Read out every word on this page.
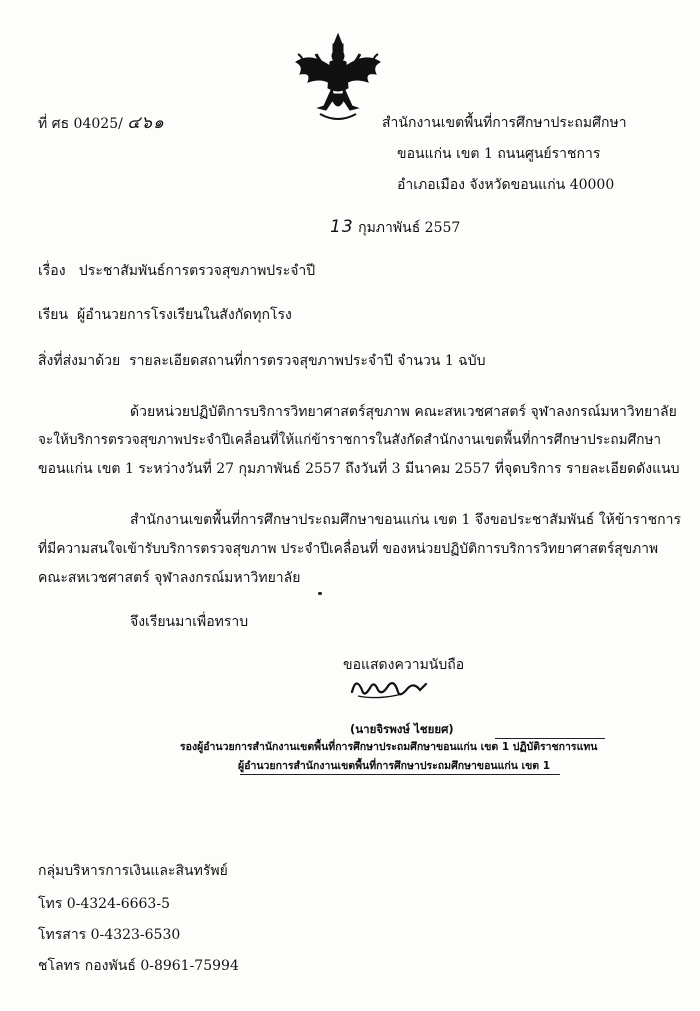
ที่ ศธ 04025/ ๔๖๑	สำนักงานเขตพื้นที่การศึกษาประถมศึกษา
ขอนแก่น เขต 1 ถนนศูนย์ราชการ
อำเภอเมือง จังหวัดขอนแก่น 40000
13 กุมภาพันธ์ 2557
เรื่อง ประชาสัมพันธ์การตรวจสุขภาพประจำปี
เรียน ผู้อำนวยการโรงเรียนในสังกัดทุกโรง
สิ่งที่ส่งมาด้วย รายละเอียดสถานที่การตรวจสุขภาพประจำปี จำนวน 1 ฉบับ
ด้วยหน่วยปฏิบัติการบริการวิทยาศาสตร์สุขภาพ คณะสหเวชศาสตร์ จุฬาลงกรณ์มหาวิทยาลัย
จะให้บริการตรวจสุขภาพประจำปีเคลื่อนที่ให้แก่ข้าราชการในสังกัดสำนักงานเขตพื้นที่การศึกษาประถมศึกษา
ขอนแก่น เขต 1 ระหว่างวันที่ 27 กุมภาพันธ์ 2557 ถึงวันที่ 3 มีนาคม 2557 ที่จุดบริการ รายละเอียดดังแนบ
สำนักงานเขตพื้นที่การศึกษาประถมศึกษาขอนแก่น เขต 1 จึงขอประชาสัมพันธ์ ให้ข้าราชการ
ที่มีความสนใจเข้ารับบริการตรวจสุขภาพ ประจำปีเคลื่อนที่ ของหน่วยปฏิบัติการบริการวิทยาศาสตร์สุขภาพ
คณะสหเวชศาสตร์ จุฬาลงกรณ์มหาวิทยาลัย
จึงเรียนมาเพื่อทราบ
ขอแสดงความนับถือ
(นายจิรพงษ์ ไชยยศ)
รองผู้อำนวยการสำนักงานเขตพื้นที่การศึกษาประถมศึกษาขอนแก่น เขต 1 ปฏิบัติราชการแทน
ผู้อำนวยการสำนักงานเขตพื้นที่การศึกษาประถมศึกษาขอนแก่น เขต 1
กลุ่มบริหารการเงินและสินทรัพย์
โทร 0-4324-6663-5
โทรสาร 0-4323-6530
ชโลทร กองพันธ์ 0-8961-75994
